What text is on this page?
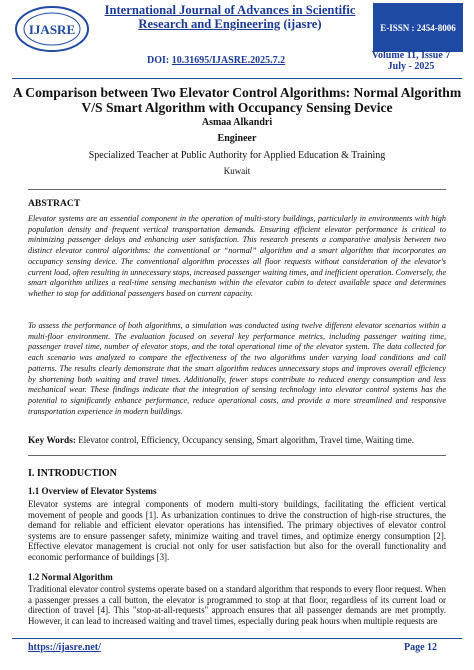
IJASRE
International Journal of Advances in Scientific
Research and Engineering (ijasre)	E-ISSN : 2454-8006
DOI: 10.31695/IJASRE.2025.7.2	Volume 11, Issue 7
July - 2025
A Comparison between Two Elevator Control Algorithms: Normal Algorithm V/S Smart Algorithm with Occupancy Sensing Device
Asmaa Alkandri
Engineer
Specialized Teacher at Public Authority for Applied Education & Training
Kuwait
ABSTRACT
Elevator systems are an essential component in the operation of multi-story buildings, particularly in environments with high population density and frequent vertical transportation demands. Ensuring efficient elevator performance is critical to minimizing passenger delays and enhancing user satisfaction. This research presents a comparative analysis between two distinct elevator control algorithms: the conventional or “normal” algorithm and a smart algorithm that incorporates an occupancy sensing device. The conventional algorithm processes all floor requests without consideration of the elevator's current load, often resulting in unnecessary stops, increased passenger waiting times, and inefficient operation. Conversely, the smart algorithm utilizes a real-time sensing mechanism within the elevator cabin to detect available space and determines whether to stop for additional passengers based on current capacity.
To assess the performance of both algorithms, a simulation was conducted using twelve different elevator scenarios within a multi-floor environment. The evaluation focused on several key performance metrics, including passenger waiting time, passenger travel time, number of elevator stops, and the total operational time of the elevator system. The data collected for each scenario was analyzed to compare the effectiveness of the two algorithms under varying load conditions and call patterns. The results clearly demonstrate that the smart algorithm reduces unnecessary stops and improves overall efficiency by shortening both waiting and travel times. Additionally, fewer stops contribute to reduced energy consumption and less mechanical wear. These findings indicate that the integration of sensing technology into elevator control systems has the potential to significantly enhance performance, reduce operational costs, and provide a more streamlined and responsive transportation experience in modern buildings.
Key Words: Elevator control, Efficiency, Occupancy sensing, Smart algorithm, Travel time, Waiting time.
I. INTRODUCTION
1.1 Overview of Elevator Systems
Elevator systems are integral components of modern multi-story buildings, facilitating the efficient vertical movement of people and goods [1]. As urbanization continues to drive the construction of high-rise structures, the demand for reliable and efficient elevator operations has intensified. The primary objectives of elevator control systems are to ensure passenger safety, minimize waiting and travel times, and optimize energy consumption [2]. Effective elevator management is crucial not only for user satisfaction but also for the overall functionality and economic performance of buildings [3].
1.2 Normal Algorithm
Traditional elevator control systems operate based on a standard algorithm that responds to every floor request. When a passenger presses a call button, the elevator is programmed to stop at that floor, regardless of its current load or direction of travel [4]. This "stop-at-all-requests" approach ensures that all passenger demands are met promptly. However, it can lead to increased waiting and travel times, especially during peak hours when multiple requests are
https://ijasre.net/	Page 12
